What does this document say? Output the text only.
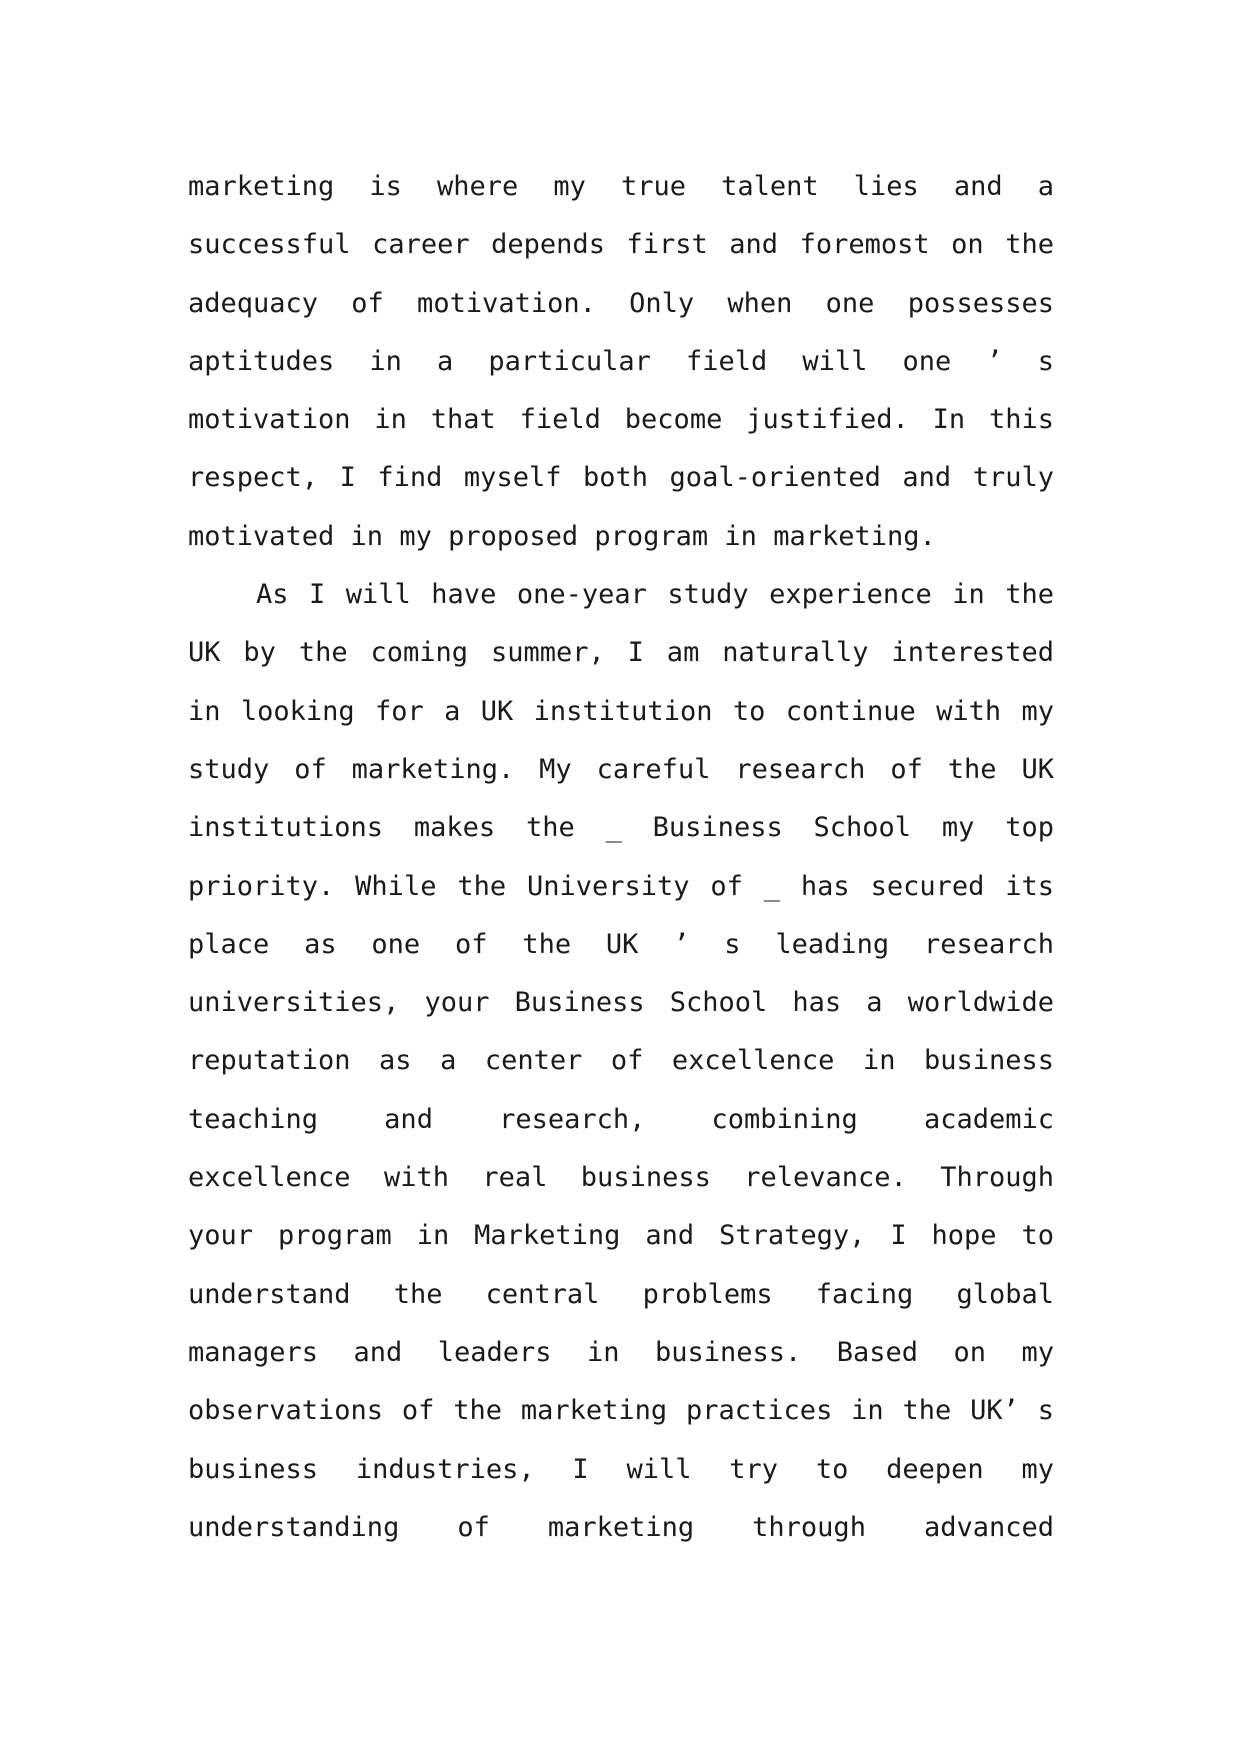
marketing is where my true talent lies and a
successful career depends first and foremost on the
adequacy of motivation. Only when one possesses
aptitudes in a particular field will one ’ s
motivation in that field become justified. In this
respect, I find myself both goal-oriented and truly
motivated in my proposed program in marketing.
As I will have one-year study experience in the
UK by the coming summer, I am naturally interested
in looking for a UK institution to continue with my
study of marketing. My careful research of the UK
institutions makes the _ Business School my top
priority. While the University of _ has secured its
place as one of the UK ’ s leading research
universities, your Business School has a worldwide
reputation as a center of excellence in business
teaching and research, combining academic
excellence with real business relevance. Through
your program in Marketing and Strategy, I hope to
understand the central problems facing global
managers and leaders in business. Based on my
observations of the marketing practices in the UK’ s
business industries, I will try to deepen my
understanding of marketing through advanced
